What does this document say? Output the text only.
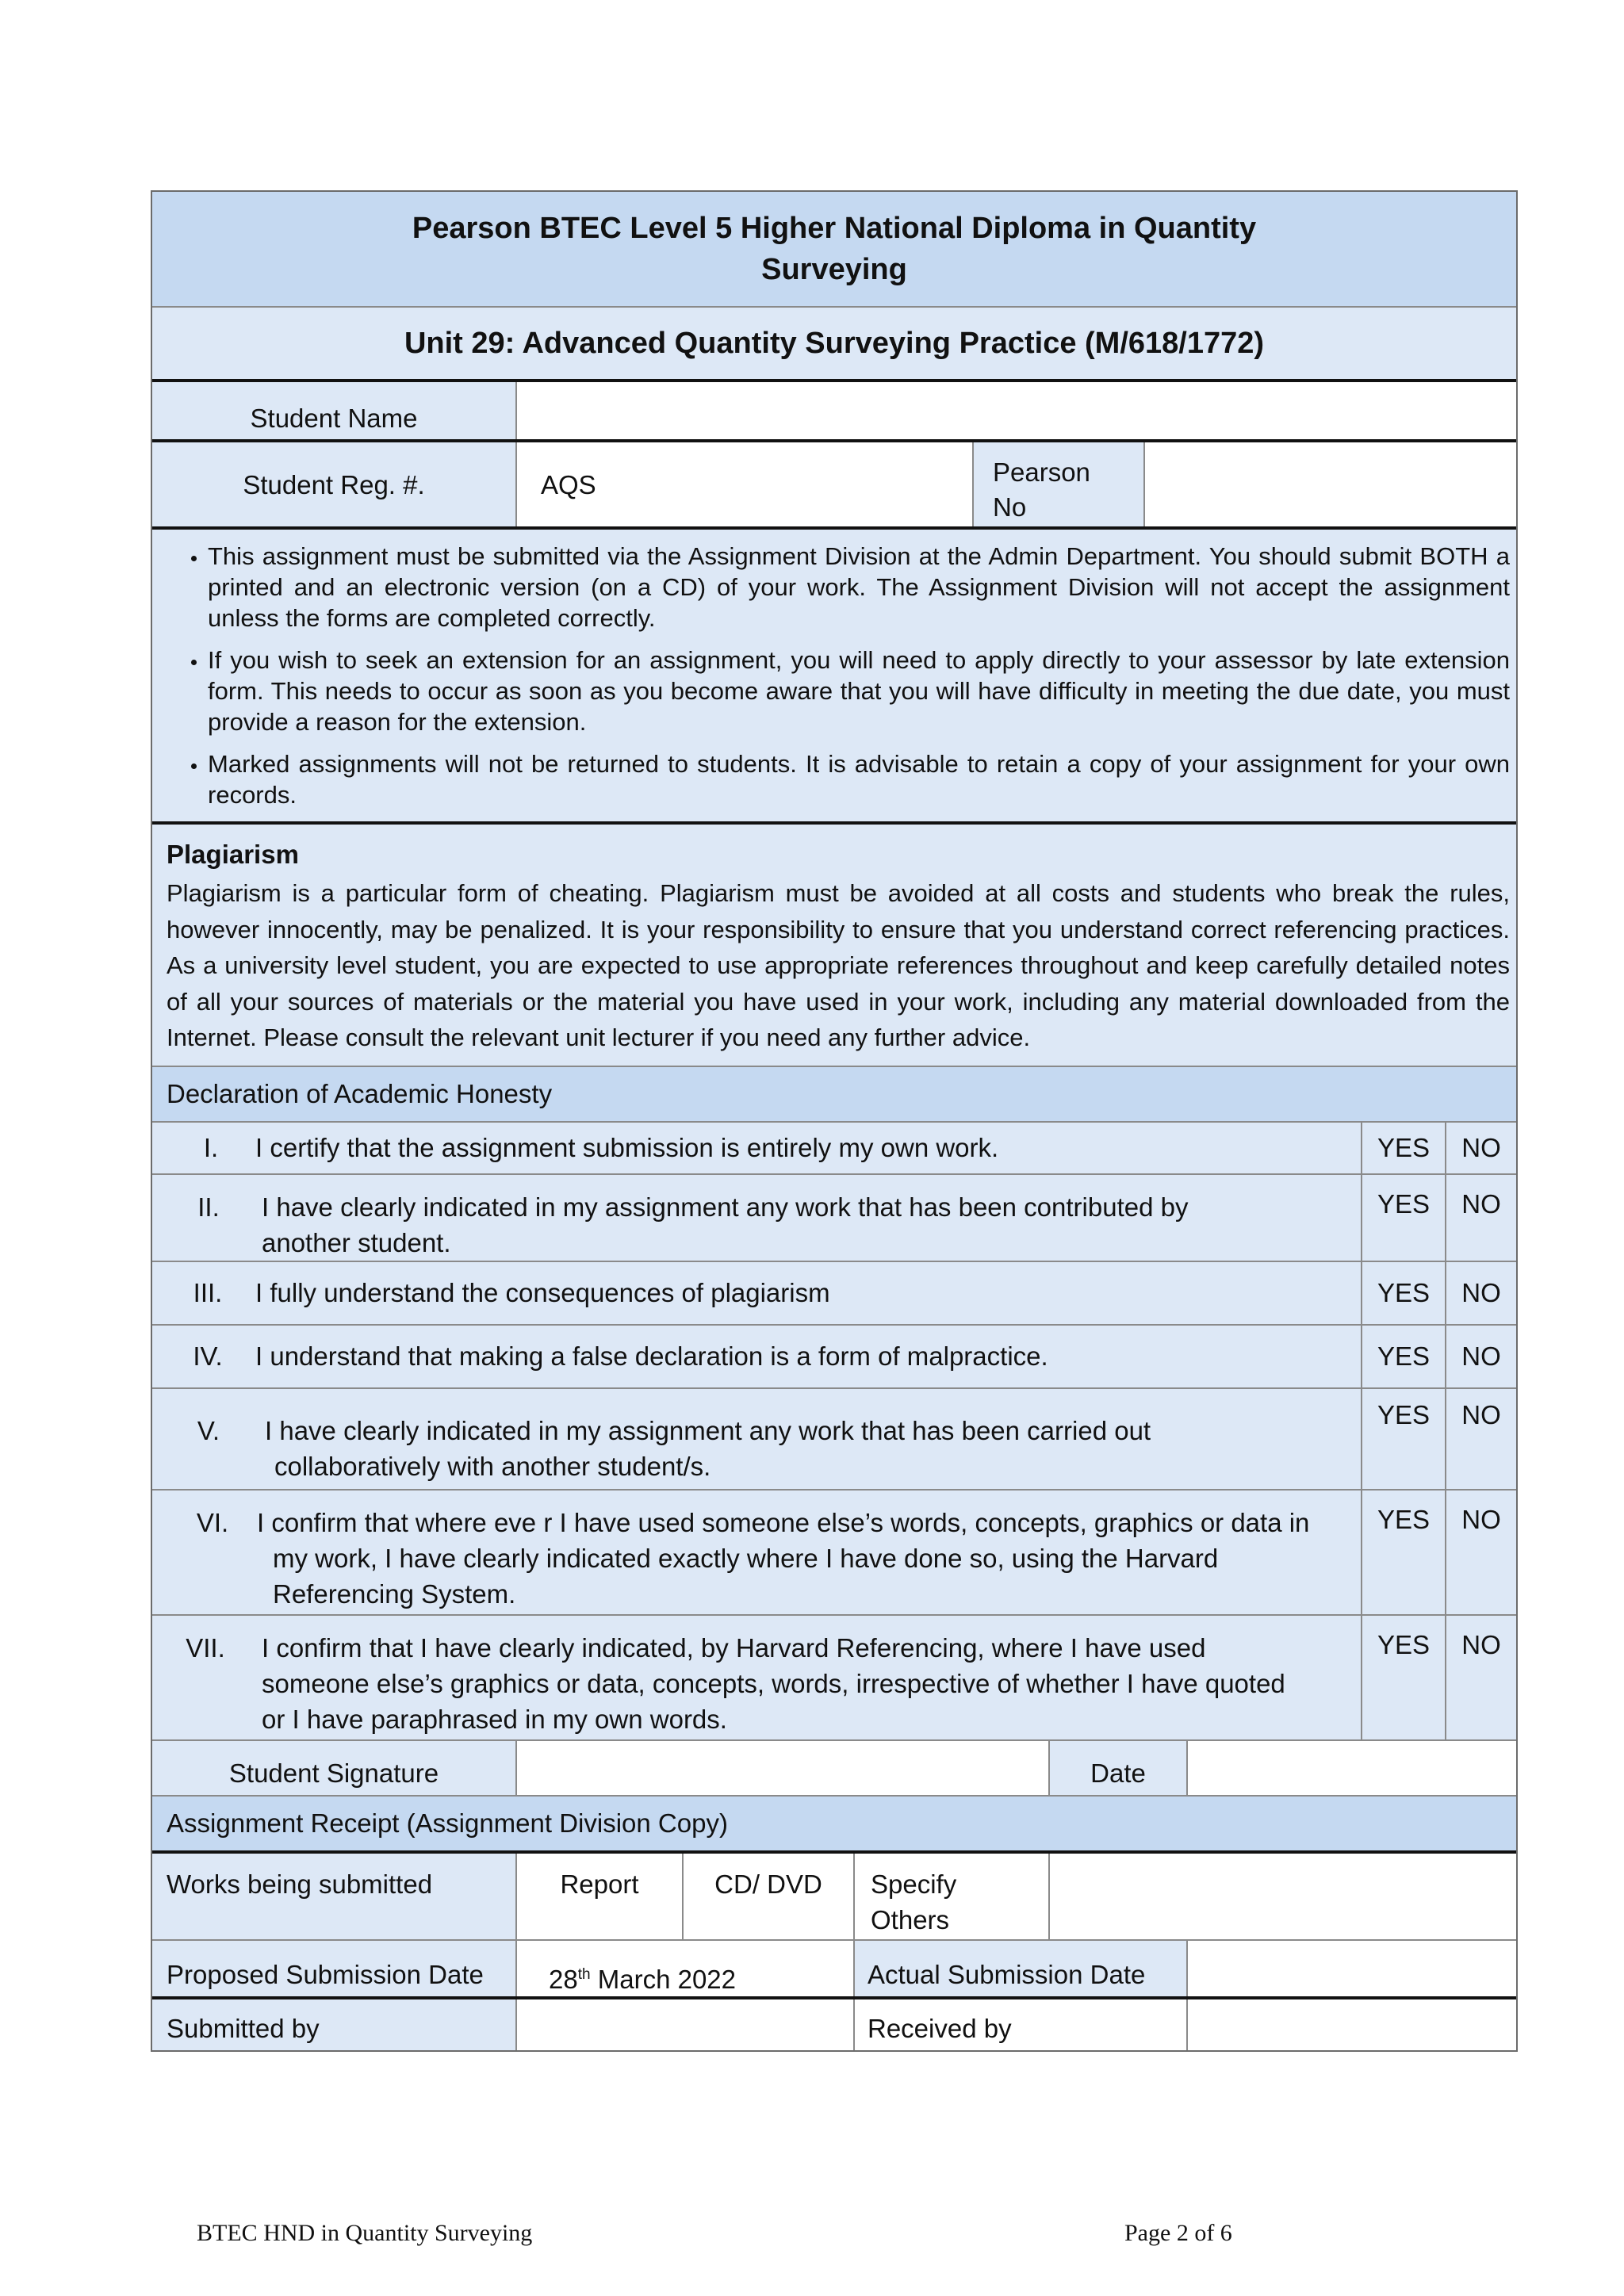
Pearson BTEC Level 5 Higher National Diploma in Quantity
Surveying
Unit 29: Advanced Quantity Surveying Practice (M/618/1772)
Student Name
Student Reg. #.	AQS	Pearson
No
• This assignment must be submitted via the Assignment Division at the Admin Department. You should submit BOTH a printed and an electronic version (on a CD) of your work. The Assignment Division will not accept the assignment unless the forms are completed correctly.
• If you wish to seek an extension for an assignment, you will need to apply directly to your assessor by late extension form. This needs to occur as soon as you become aware that you will have difficulty in meeting the due date, you must provide a reason for the extension.
• Marked assignments will not be returned to students. It is advisable to retain a copy of your assignment for your own records.
Plagiarism
Plagiarism is a particular form of cheating. Plagiarism must be avoided at all costs and students who break the rules, however innocently, may be penalized. It is your responsibility to ensure that you understand correct referencing practices. As a university level student, you are expected to use appropriate references throughout and keep carefully detailed notes of all your sources of materials or the material you have used in your work, including any material downloaded from the Internet. Please consult the relevant unit lecturer if you need any further advice.
Declaration of Academic Honesty
I.	I certify that the assignment submission is entirely my own work.	YES	NO
II.	I have clearly indicated in my assignment any work that has been contributed by
another student.
YES	NO
III.	I fully understand the consequences of plagiarism	YES	NO
IV.	I understand that making a false declaration is a form of malpractice.	YES	NO
V.	I have clearly indicated in my assignment any work that has been carried out
collaboratively with another student/s.
YES	NO
VI.	I confirm that where eve r I have used someone else’s words, concepts, graphics or data in
my work, I have clearly indicated exactly where I have done so, using the Harvard
Referencing System.
YES	NO
VII.	I confirm that I have clearly indicated, by Harvard Referencing, where I have used
someone else’s graphics or data, concepts, words, irrespective of whether I have quoted
or I have paraphrased in my own words.
YES	NO
Student Signature	Date
Assignment Receipt (Assignment Division Copy)
Works being submitted	Report	CD/ DVD	Specify
Others
Proposed Submission Date	28th March 2022	Actual Submission Date
Submitted by	Received by
BTEC HND in Quantity Surveying	Page 2 of 6
